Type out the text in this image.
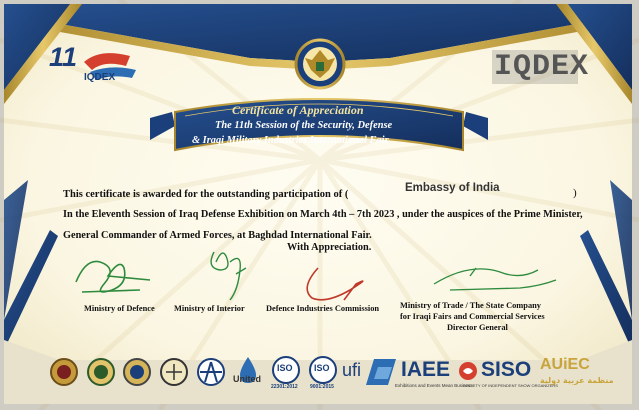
11
IQDEX	IQDEX
Certificate of Appreciation
The 11th Session of the Security, Defense
& Iraqi Military Industries International Fair
This certificate is awarded for the outstanding participation of (
Embassy of India	)
In the Eleventh Session of Iraq Defense Exhibition on March 4th – 7th 2023 , under the auspices of the Prime Minister,
General Commander of Armed Forces, at Baghdad International Fair.
With Appreciation.
Ministry of Defence Ministry of Interior	Defence Industries Commission Ministry of Trade / The State Company
for Iraqi Fairs and Commercial Services
Director General
United
ISO
22301:2012
ISO
9001:2015
ufi IAEE
Exhibitions and Events Mean Business
SISO
SOCIETY OF INDEPENDENT SHOW ORGANIZERS
AUiEC
منظمة عربية دولية
